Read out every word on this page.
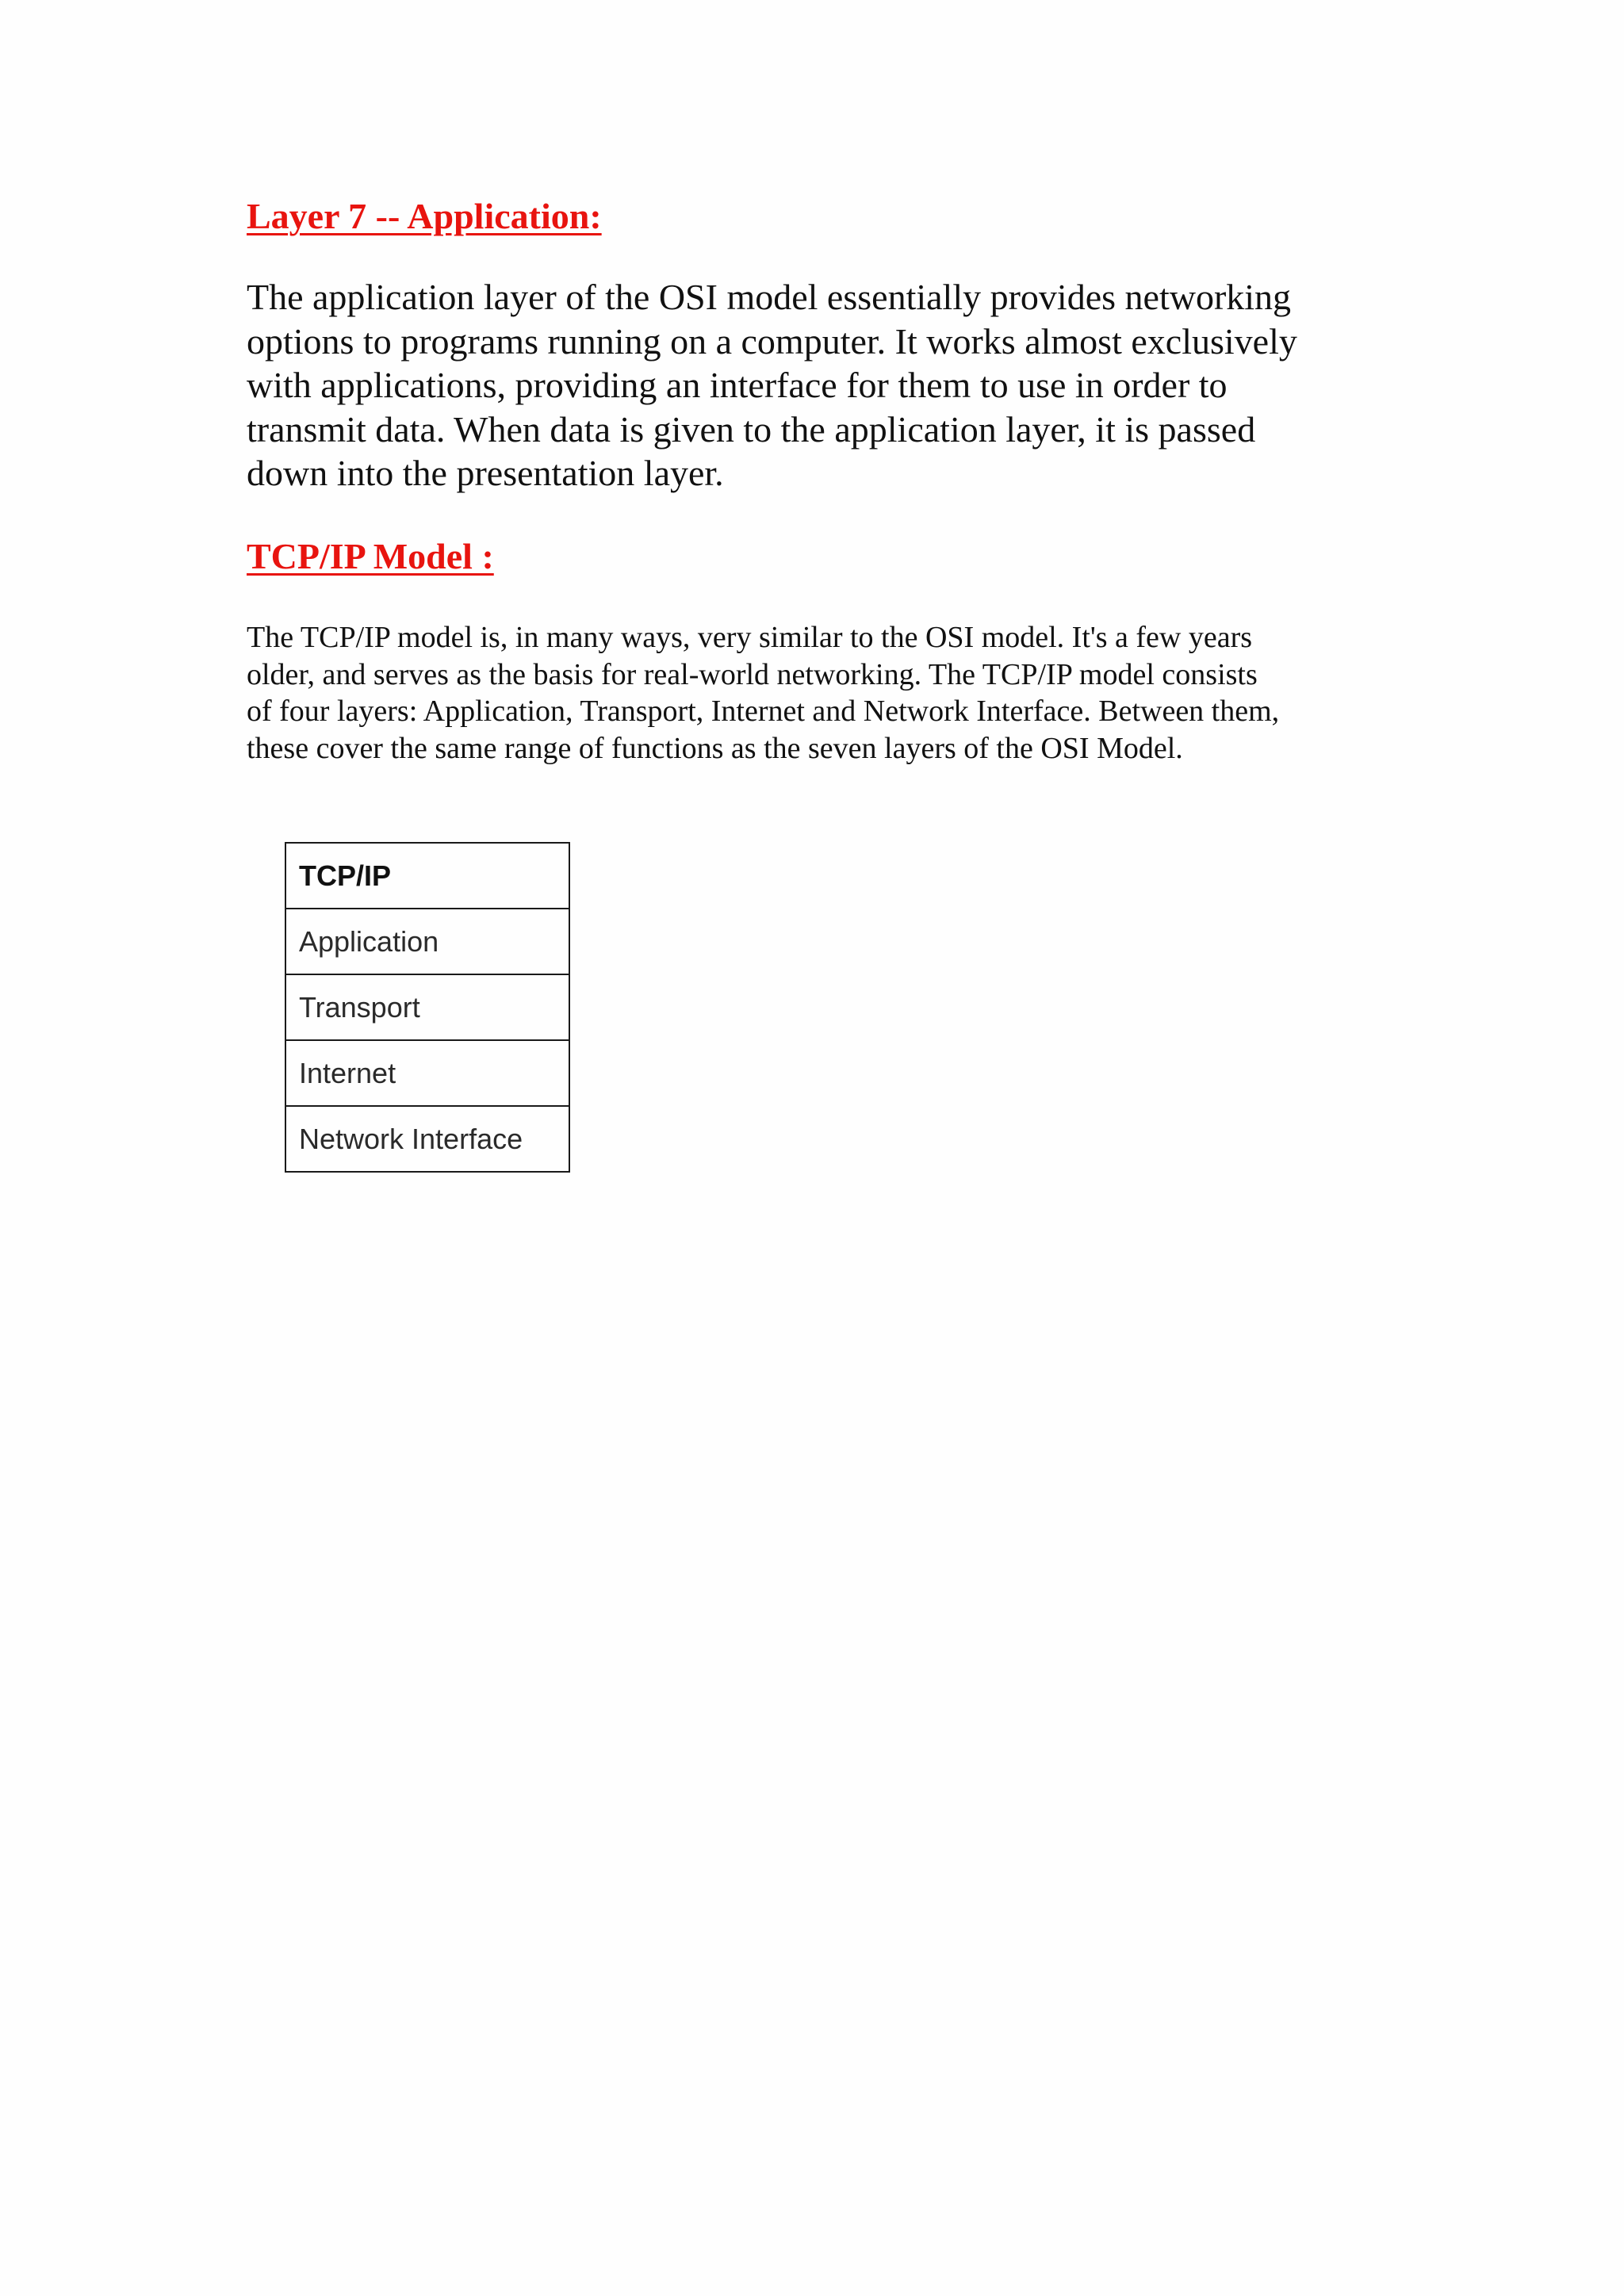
Layer 7 -- Application:

The application layer of the OSI model essentially provides networking
options to programs running on a computer. It works almost exclusively
with applications, providing an interface for them to use in order to
transmit data. When data is given to the application layer, it is passed
down into the presentation layer.

TCP/IP Model :

The TCP/IP model is, in many ways, very similar to the OSI model. It's a few years
older, and serves as the basis for real-world networking. The TCP/IP model consists
of four layers: Application, Transport, Internet and Network Interface. Between them,
these cover the same range of functions as the seven layers of the OSI Model.

TCP/IP
Application
Transport
Internet
Network Interface
